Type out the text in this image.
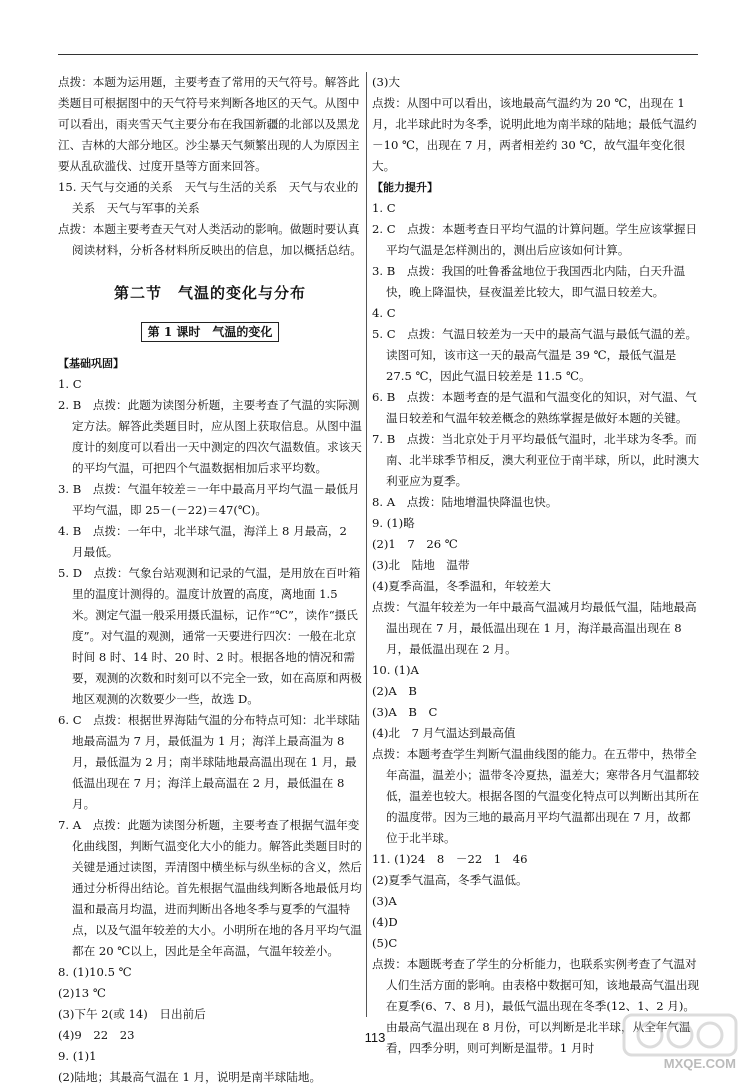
点拨：本题为运用题，主要考查了常用的天气符号。解答此类题目可根据图中的天气符号来判断各地区的天气。从图中可以看出，雨夹雪天气主要分布在我国新疆的北部以及黑龙江、吉林的大部分地区。沙尘暴天气频繁出现的人为原因主要从乱砍滥伐、过度开垦等方面来回答。

15. 天气与交通的关系　天气与生活的关系　天气与农业的关系　天气与军事的关系

点拨：本题主要考查天气对人类活动的影响。做题时要认真阅读材料，分析各材料所反映出的信息，加以概括总结。

第二节　气温的变化与分布
第 1 课时　气温的变化

【基础巩固】

1. C

2. B　点拨：此题为读图分析题，主要考查了气温的实际测定方法。解答此类题目时，应从图上获取信息。从图中温度计的刻度可以看出一天中测定的四次气温数值。求该天的平均气温，可把四个气温数据相加后求平均数。

3. B　点拨：气温年较差＝一年中最高月平均气温－最低月平均气温，即 25－(－22)＝47(℃)。

4. B　点拨：一年中，北半球气温，海洋上 8 月最高，2 月最低。

5. D　点拨：气象台站观测和记录的气温，是用放在百叶箱里的温度计测得的。温度计放置的高度，离地面 1.5 米。测定气温一般采用摄氏温标，记作“℃”，读作“摄氏度”。对气温的观测，通常一天要进行四次：一般在北京时间 8 时、14 时、20 时、2 时。根据各地的情况和需要，观测的次数和时刻可以不完全一致，如在高原和两极地区观测的次数要少一些，故选 D。

6. C　点拨：根据世界海陆气温的分布特点可知：北半球陆地最高温为 7 月，最低温为 1 月；海洋上最高温为 8 月，最低温为 2 月；南半球陆地最高温出现在 1 月，最低温出现在 7 月；海洋上最高温在 2 月，最低温在 8 月。

7. A　点拨：此题为读图分析题，主要考查了根据气温年变化曲线图，判断气温变化大小的能力。解答此类题目时的关键是通过读图，弄清图中横坐标与纵坐标的含义，然后通过分析得出结论。首先根据气温曲线判断各地最低月均温和最高月均温，进而判断出各地冬季与夏季的气温特点，以及气温年较差的大小。小明所在地的各月平均气温都在 20 ℃以上，因此是全年高温，气温年较差小。

8. (1)10.5 ℃

(2)13 ℃

(3)下午 2(或 14)　日出前后

(4)9　22　23

9. (1)1

(2)陆地；其最高气温在 1 月，说明是南半球陆地。

(3)大

点拨：从图中可以看出，该地最高气温约为 20 ℃，出现在 1 月，北半球此时为冬季，说明此地为南半球的陆地；最低气温约－10 ℃，出现在 7 月，两者相差约 30 ℃，故气温年变化很大。

【能力提升】

1. C

2. C　点拨：本题考查日平均气温的计算问题。学生应该掌握日平均气温是怎样测出的，测出后应该如何计算。

3. B　点拨：我国的吐鲁番盆地位于我国西北内陆，白天升温快，晚上降温快，昼夜温差比较大，即气温日较差大。

4. C

5. C　点拨：气温日较差为一天中的最高气温与最低气温的差。读图可知，该市这一天的最高气温是 39 ℃，最低气温是 27.5 ℃，因此气温日较差是 11.5 ℃。

6. B　点拨：本题考查的是气温和气温变化的知识，对气温、气温日较差和气温年较差概念的熟练掌握是做好本题的关键。

7. B　点拨：当北京处于月平均最低气温时，北半球为冬季。而南、北半球季节相反，澳大利亚位于南半球，所以，此时澳大利亚应为夏季。

8. A　点拨：陆地增温快降温也快。

9. (1)略

(2)1　7　26 ℃

(3)北　陆地　温带

(4)夏季高温，冬季温和，年较差大

点拨：气温年较差为一年中最高气温减月均最低气温，陆地最高温出现在 7 月，最低温出现在 1 月，海洋最高温出现在 8 月，最低温出现在 2 月。

10. (1)A

(2)A　B

(3)A　B　C

(4)北　7 月气温达到最高值

点拨：本题考查学生判断气温曲线图的能力。在五带中，热带全年高温，温差小；温带冬冷夏热，温差大；寒带各月气温都较低，温差也较大。根据各图的气温变化特点可以判断出其所在的温度带。因为三地的最高月平均气温都出现在 7 月，故都位于北半球。

11. (1)24　8　－22　1　46

(2)夏季气温高，冬季气温低。

(3)A

(4)D

(5)C

点拨：本题既考查了学生的分析能力，也联系实例考查了气温对人们生活方面的影响。由表格中数据可知，该地最高气温出现在夏季(6、7、8 月)，最低气温出现在冬季(12、1、2 月)。由最高气温出现在 8 月份，可以判断是北半球，从全年气温看，四季分明，则可判断是温带。1 月时

113
MXQE.COM
